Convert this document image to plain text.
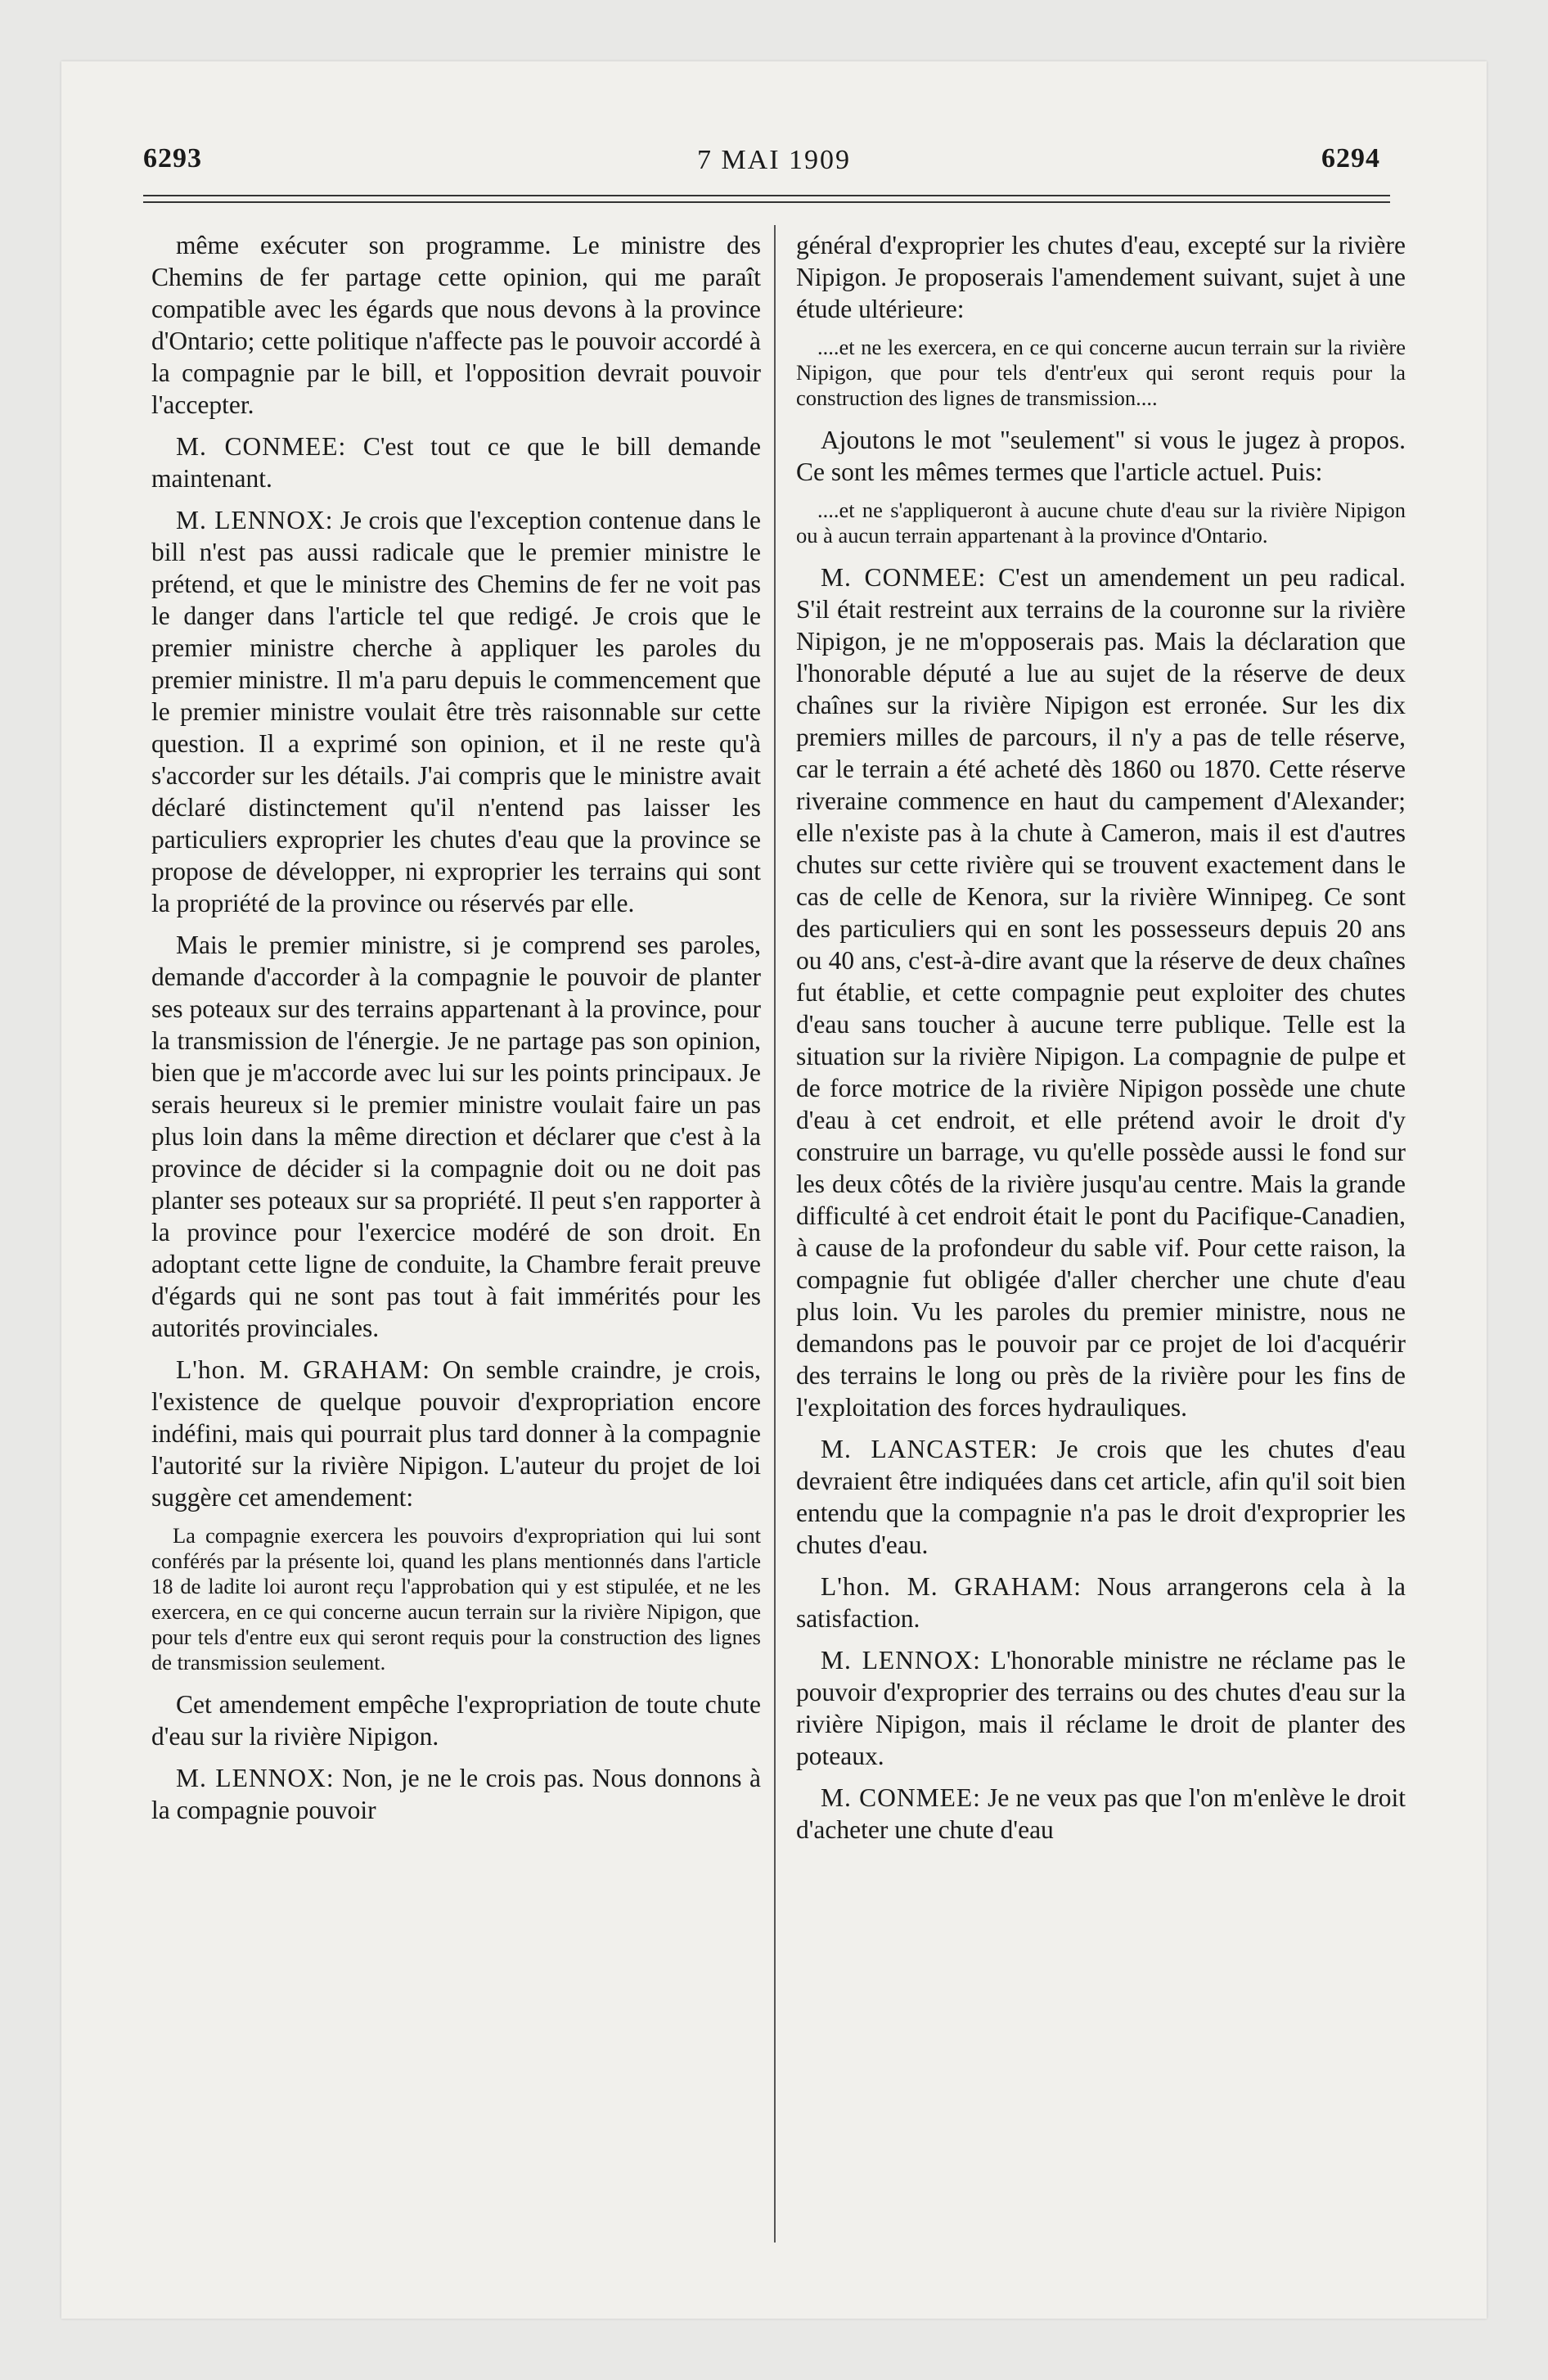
6293	7 MAI 1909	6294

même exécuter son programme. Le ministre des Chemins de fer partage cette opinion, qui me paraît compatible avec les égards que nous devons à la province d'Ontario; cette politique n'affecte pas le pouvoir accordé à la compagnie par le bill, et l'opposition devrait pouvoir l'accepter.

M. CONMEE: C'est tout ce que le bill demande maintenant.

M. LENNOX: Je crois que l'exception contenue dans le bill n'est pas aussi radicale que le premier ministre le prétend, et que le ministre des Chemins de fer ne voit pas le danger dans l'article tel que redigé. Je crois que le premier ministre cherche à appliquer les paroles du premier ministre. Il m'a paru depuis le commencement que le premier ministre voulait être très raisonnable sur cette question. Il a exprimé son opinion, et il ne reste qu'à s'accorder sur les détails. J'ai compris que le ministre avait déclaré distinctement qu'il n'entend pas laisser les particuliers exproprier les chutes d'eau que la province se propose de développer, ni exproprier les terrains qui sont la propriété de la province ou réservés par elle.

Mais le premier ministre, si je comprend ses paroles, demande d'accorder à la compagnie le pouvoir de planter ses poteaux sur des terrains appartenant à la province, pour la transmission de l'énergie. Je ne partage pas son opinion, bien que je m'accorde avec lui sur les points principaux. Je serais heureux si le premier ministre voulait faire un pas plus loin dans la même direction et déclarer que c'est à la province de décider si la compagnie doit ou ne doit pas planter ses poteaux sur sa propriété. Il peut s'en rapporter à la province pour l'exercice modéré de son droit. En adoptant cette ligne de conduite, la Chambre ferait preuve d'égards qui ne sont pas tout à fait immérités pour les autorités provinciales.

L'hon. M. GRAHAM: On semble craindre, je crois, l'existence de quelque pouvoir d'expropriation encore indéfini, mais qui pourrait plus tard donner à la compagnie l'autorité sur la rivière Nipigon. L'auteur du projet de loi suggère cet amendement:

La compagnie exercera les pouvoirs d'expropriation qui lui sont conférés par la présente loi, quand les plans mentionnés dans l'article 18 de ladite loi auront reçu l'approbation qui y est stipulée, et ne les exercera, en ce qui concerne aucun terrain sur la rivière Nipigon, que pour tels d'entre eux qui seront requis pour la construction des lignes de transmission seulement.

Cet amendement empêche l'expropriation de toute chute d'eau sur la rivière Nipigon.

M. LENNOX: Non, je ne le crois pas. Nous donnons à la compagnie pouvoir

général d'exproprier les chutes d'eau, excepté sur la rivière Nipigon. Je proposerais l'amendement suivant, sujet à une étude ultérieure:

....et ne les exercera, en ce qui concerne aucun terrain sur la rivière Nipigon, que pour tels d'entr'eux qui seront requis pour la construction des lignes de transmission....

Ajoutons le mot "seulement" si vous le jugez à propos. Ce sont les mêmes termes que l'article actuel. Puis:

....et ne s'appliqueront à aucune chute d'eau sur la rivière Nipigon ou à aucun terrain appartenant à la province d'Ontario.

M. CONMEE: C'est un amendement un peu radical. S'il était restreint aux terrains de la couronne sur la rivière Nipigon, je ne m'opposerais pas. Mais la déclaration que l'honorable député a lue au sujet de la réserve de deux chaînes sur la rivière Nipigon est erronée. Sur les dix premiers milles de parcours, il n'y a pas de telle réserve, car le terrain a été acheté dès 1860 ou 1870. Cette réserve riveraine commence en haut du campement d'Alexander; elle n'existe pas à la chute à Cameron, mais il est d'autres chutes sur cette rivière qui se trouvent exactement dans le cas de celle de Kenora, sur la rivière Winnipeg. Ce sont des particuliers qui en sont les possesseurs depuis 20 ans ou 40 ans, c'est-à-dire avant que la réserve de deux chaînes fut établie, et cette compagnie peut exploiter des chutes d'eau sans toucher à aucune terre publique. Telle est la situation sur la rivière Nipigon. La compagnie de pulpe et de force motrice de la rivière Nipigon possède une chute d'eau à cet endroit, et elle prétend avoir le droit d'y construire un barrage, vu qu'elle possède aussi le fond sur les deux côtés de la rivière jusqu'au centre. Mais la grande difficulté à cet endroit était le pont du Pacifique-Canadien, à cause de la profondeur du sable vif. Pour cette raison, la compagnie fut obligée d'aller chercher une chute d'eau plus loin. Vu les paroles du premier ministre, nous ne demandons pas le pouvoir par ce projet de loi d'acquérir des terrains le long ou près de la rivière pour les fins de l'exploitation des forces hydrauliques.

M. LANCASTER: Je crois que les chutes d'eau devraient être indiquées dans cet article, afin qu'il soit bien entendu que la compagnie n'a pas le droit d'exproprier les chutes d'eau.

L'hon. M. GRAHAM: Nous arrangerons cela à la satisfaction.

M. LENNOX: L'honorable ministre ne réclame pas le pouvoir d'exproprier des terrains ou des chutes d'eau sur la rivière Nipigon, mais il réclame le droit de planter des poteaux.

M. CONMEE: Je ne veux pas que l'on m'enlève le droit d'acheter une chute d'eau
